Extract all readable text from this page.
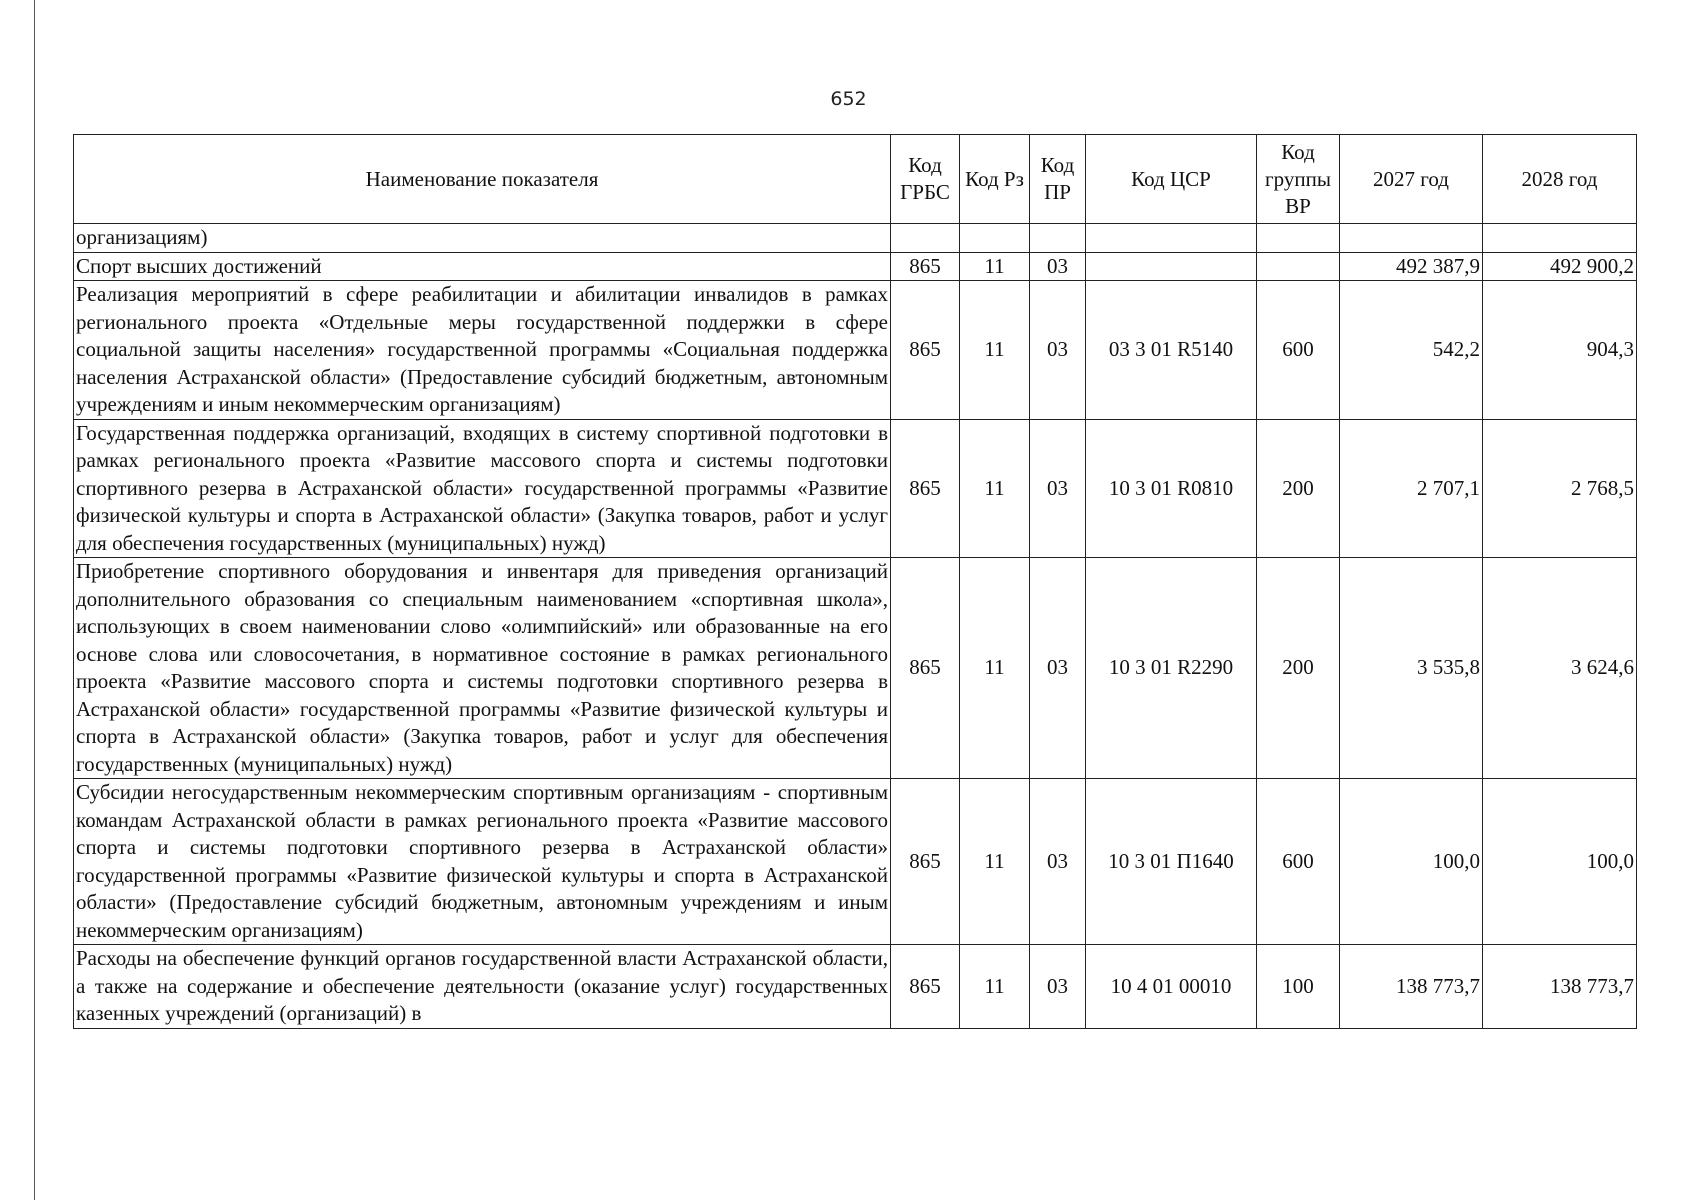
652
Наименование показателя	Код ГРБС	Код Рз	Код ПР	Код ЦСР	Код группы ВР	2027 год	2028 год
организациям)							
Спорт высших достижений	865	11	03			492 387,9	492 900,2
Реализация мероприятий в сфере реабилитации и абилитации инвалидов в рамках регионального проекта «Отдельные меры государственной поддержки в сфере социальной защиты населения» государственной программы «Социальная поддержка населения Астраханской области» (Предоставление субсидий бюджетным, автономным учреждениям и иным некоммерческим организациям)	865	11	03	03 3 01 R5140	600	542,2	904,3
Государственная поддержка организаций, входящих в систему спортивной подготовки в рамках регионального проекта «Развитие массового спорта и системы подготовки спортивного резерва в Астраханской области» государственной программы «Развитие физической культуры и спорта в Астраханской области» (Закупка товаров, работ и услуг для обеспечения государственных (муниципальных) нужд)	865	11	03	10 3 01 R0810	200	2 707,1	2 768,5
Приобретение спортивного оборудования и инвентаря для приведения организаций дополнительного образования со специальным наименованием «спортивная школа», использующих в своем наименовании слово «олимпийский» или образованные на его основе слова или словосочетания, в нормативное состояние в рамках регионального проекта «Развитие массового спорта и системы подготовки спортивного резерва в Астраханской области» государственной программы «Развитие физической культуры и спорта в Астраханской области» (Закупка товаров, работ и услуг для обеспечения государственных (муниципальных) нужд)	865	11	03	10 3 01 R2290	200	3 535,8	3 624,6
Субсидии негосударственным некоммерческим спортивным организациям - спортивным командам Астраханской области в рамках регионального проекта «Развитие массового спорта и системы подготовки спортивного резерва в Астраханской области» государственной программы «Развитие физической культуры и спорта в Астраханской области» (Предоставление субсидий бюджетным, автономным учреждениям и иным некоммерческим организациям)	865	11	03	10 3 01 П1640	600	100,0	100,0
Расходы на обеспечение функций органов государственной власти Астраханской области, а также на содержание и обеспечение деятельности (оказание услуг) государственных казенных учреждений (организаций) в	865	11	03	10 4 01 00010	100	138 773,7	138 773,7
